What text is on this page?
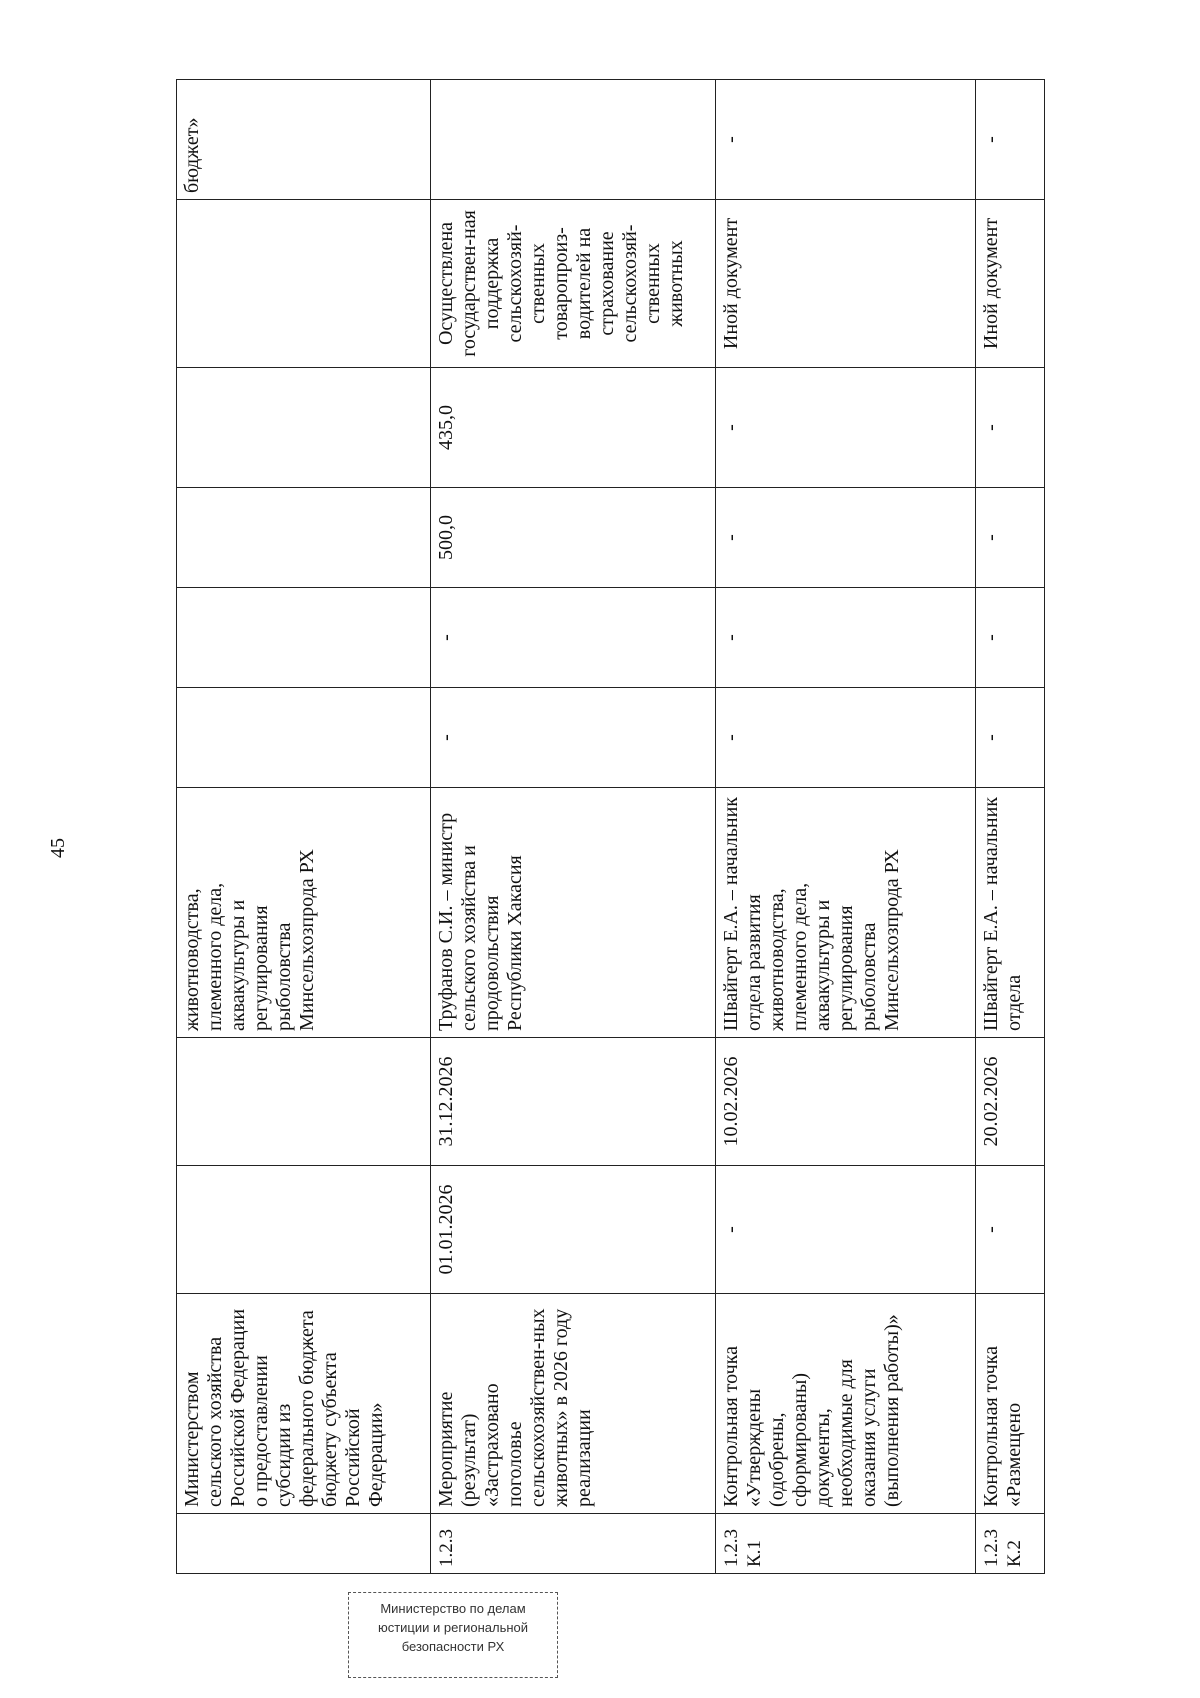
45
	Министерством сельского хозяйства Российской Федерации о предоставлении субсидии из федерального бюджета бюджету субъекта Российской Федерации»			животноводства, племенного дела, аквакультуры и регулирования рыболовства Минсельхозпрода РХ						бюджет»
1.2.3	Мероприятие (результат) «Застраховано поголовье сельскохозяйствен-ных животных» в 2026 году реализации	01.01.2026	31.12.2026	Труфанов С.И. – министр сельского хозяйства и продовольствия Республики Хакасия	-	-	500,0	435,0	Осуществлена государствен-ная поддержка сельскохозяй-ственных товаропроиз-водителей на страхование сельскохозяй-ственных животных	
1.2.3 К.1	Контрольная точка «Утверждены (одобрены, сформированы) документы, необходимые для оказания услуги (выполнения работы)»	-	10.02.2026	Швайгерт Е.А. – начальник отдела развития животноводства, племенного дела, аквакультуры и регулирования рыболовства Минсельхозпрода РХ	-	-	-	-	Иной документ	-
1.2.3 К.2	Контрольная точка «Размещено	-	20.02.2026	Швайгерт Е.А. – начальник отдела	-	-	-	-	Иной документ	-
Министерство по делам
юстиции и региональной
безопасности РХ
